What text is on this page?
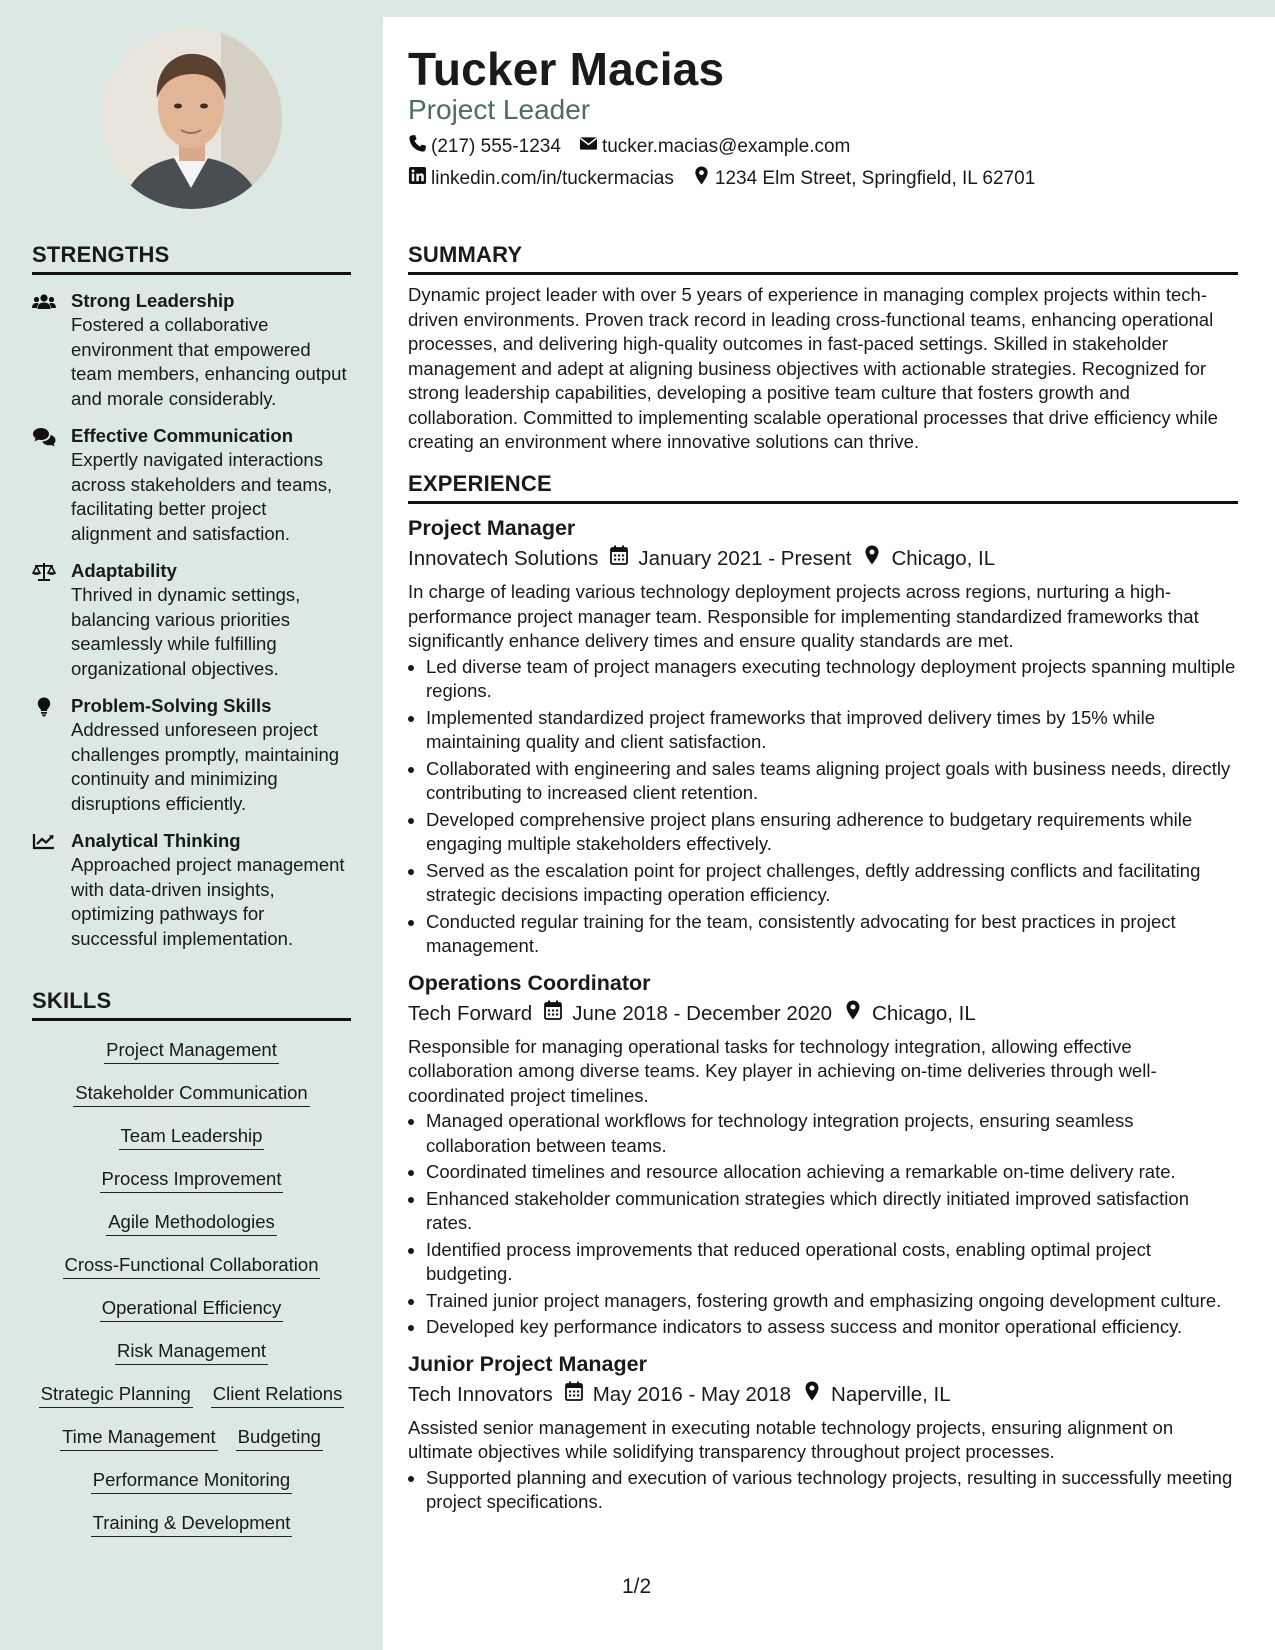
STRENGTHS
Strong Leadership
Fostered a collaborative environment that empowered team members, enhancing output and morale considerably.
Effective Communication
Expertly navigated interactions across stakeholders and teams, facilitating better project alignment and satisfaction.
Adaptability
Thrived in dynamic settings, balancing various priorities seamlessly while fulfilling organizational objectives.
Problem-Solving Skills
Addressed unforeseen project challenges promptly, maintaining continuity and minimizing disruptions efficiently.
Analytical Thinking
Approached project management with data-driven insights, optimizing pathways for successful implementation.
SKILLS
Project Management
Stakeholder Communication
Team Leadership
Process Improvement
Agile Methodologies
Cross-Functional Collaboration
Operational Efficiency
Risk Management
Strategic Planning Client Relations
Time Management Budgeting
Performance Monitoring
Training & Development
Tucker Macias
Project Leader
(217) 555-1234 tucker.macias@example.com
linkedin.com/in/tuckermacias 1234 Elm Street, Springfield, IL 62701
SUMMARY
Dynamic project leader with over 5 years of experience in managing complex projects within tech-driven environments. Proven track record in leading cross-functional teams, enhancing operational processes, and delivering high-quality outcomes in fast-paced settings. Skilled in stakeholder management and adept at aligning business objectives with actionable strategies. Recognized for strong leadership capabilities, developing a positive team culture that fosters growth and collaboration. Committed to implementing scalable operational processes that drive efficiency while creating an environment where innovative solutions can thrive.
EXPERIENCE
Project Manager
Innovatech Solutions January 2021 - Present Chicago, IL
In charge of leading various technology deployment projects across regions, nurturing a high-performance project manager team. Responsible for implementing standardized frameworks that significantly enhance delivery times and ensure quality standards are met.
• Led diverse team of project managers executing technology deployment projects spanning multiple regions.
• Implemented standardized project frameworks that improved delivery times by 15% while maintaining quality and client satisfaction.
• Collaborated with engineering and sales teams aligning project goals with business needs, directly contributing to increased client retention.
• Developed comprehensive project plans ensuring adherence to budgetary requirements while engaging multiple stakeholders effectively.
• Served as the escalation point for project challenges, deftly addressing conflicts and facilitating strategic decisions impacting operation efficiency.
• Conducted regular training for the team, consistently advocating for best practices in project management.
Operations Coordinator
Tech Forward June 2018 - December 2020 Chicago, IL
Responsible for managing operational tasks for technology integration, allowing effective collaboration among diverse teams. Key player in achieving on-time deliveries through well-coordinated project timelines.
• Managed operational workflows for technology integration projects, ensuring seamless collaboration between teams.
• Coordinated timelines and resource allocation achieving a remarkable on-time delivery rate.
• Enhanced stakeholder communication strategies which directly initiated improved satisfaction rates.
• Identified process improvements that reduced operational costs, enabling optimal project budgeting.
• Trained junior project managers, fostering growth and emphasizing ongoing development culture.
• Developed key performance indicators to assess success and monitor operational efficiency.
Junior Project Manager
Tech Innovators May 2016 - May 2018 Naperville, IL
Assisted senior management in executing notable technology projects, ensuring alignment on ultimate objectives while solidifying transparency throughout project processes.
• Supported planning and execution of various technology projects, resulting in successfully meeting project specifications.
1/2
